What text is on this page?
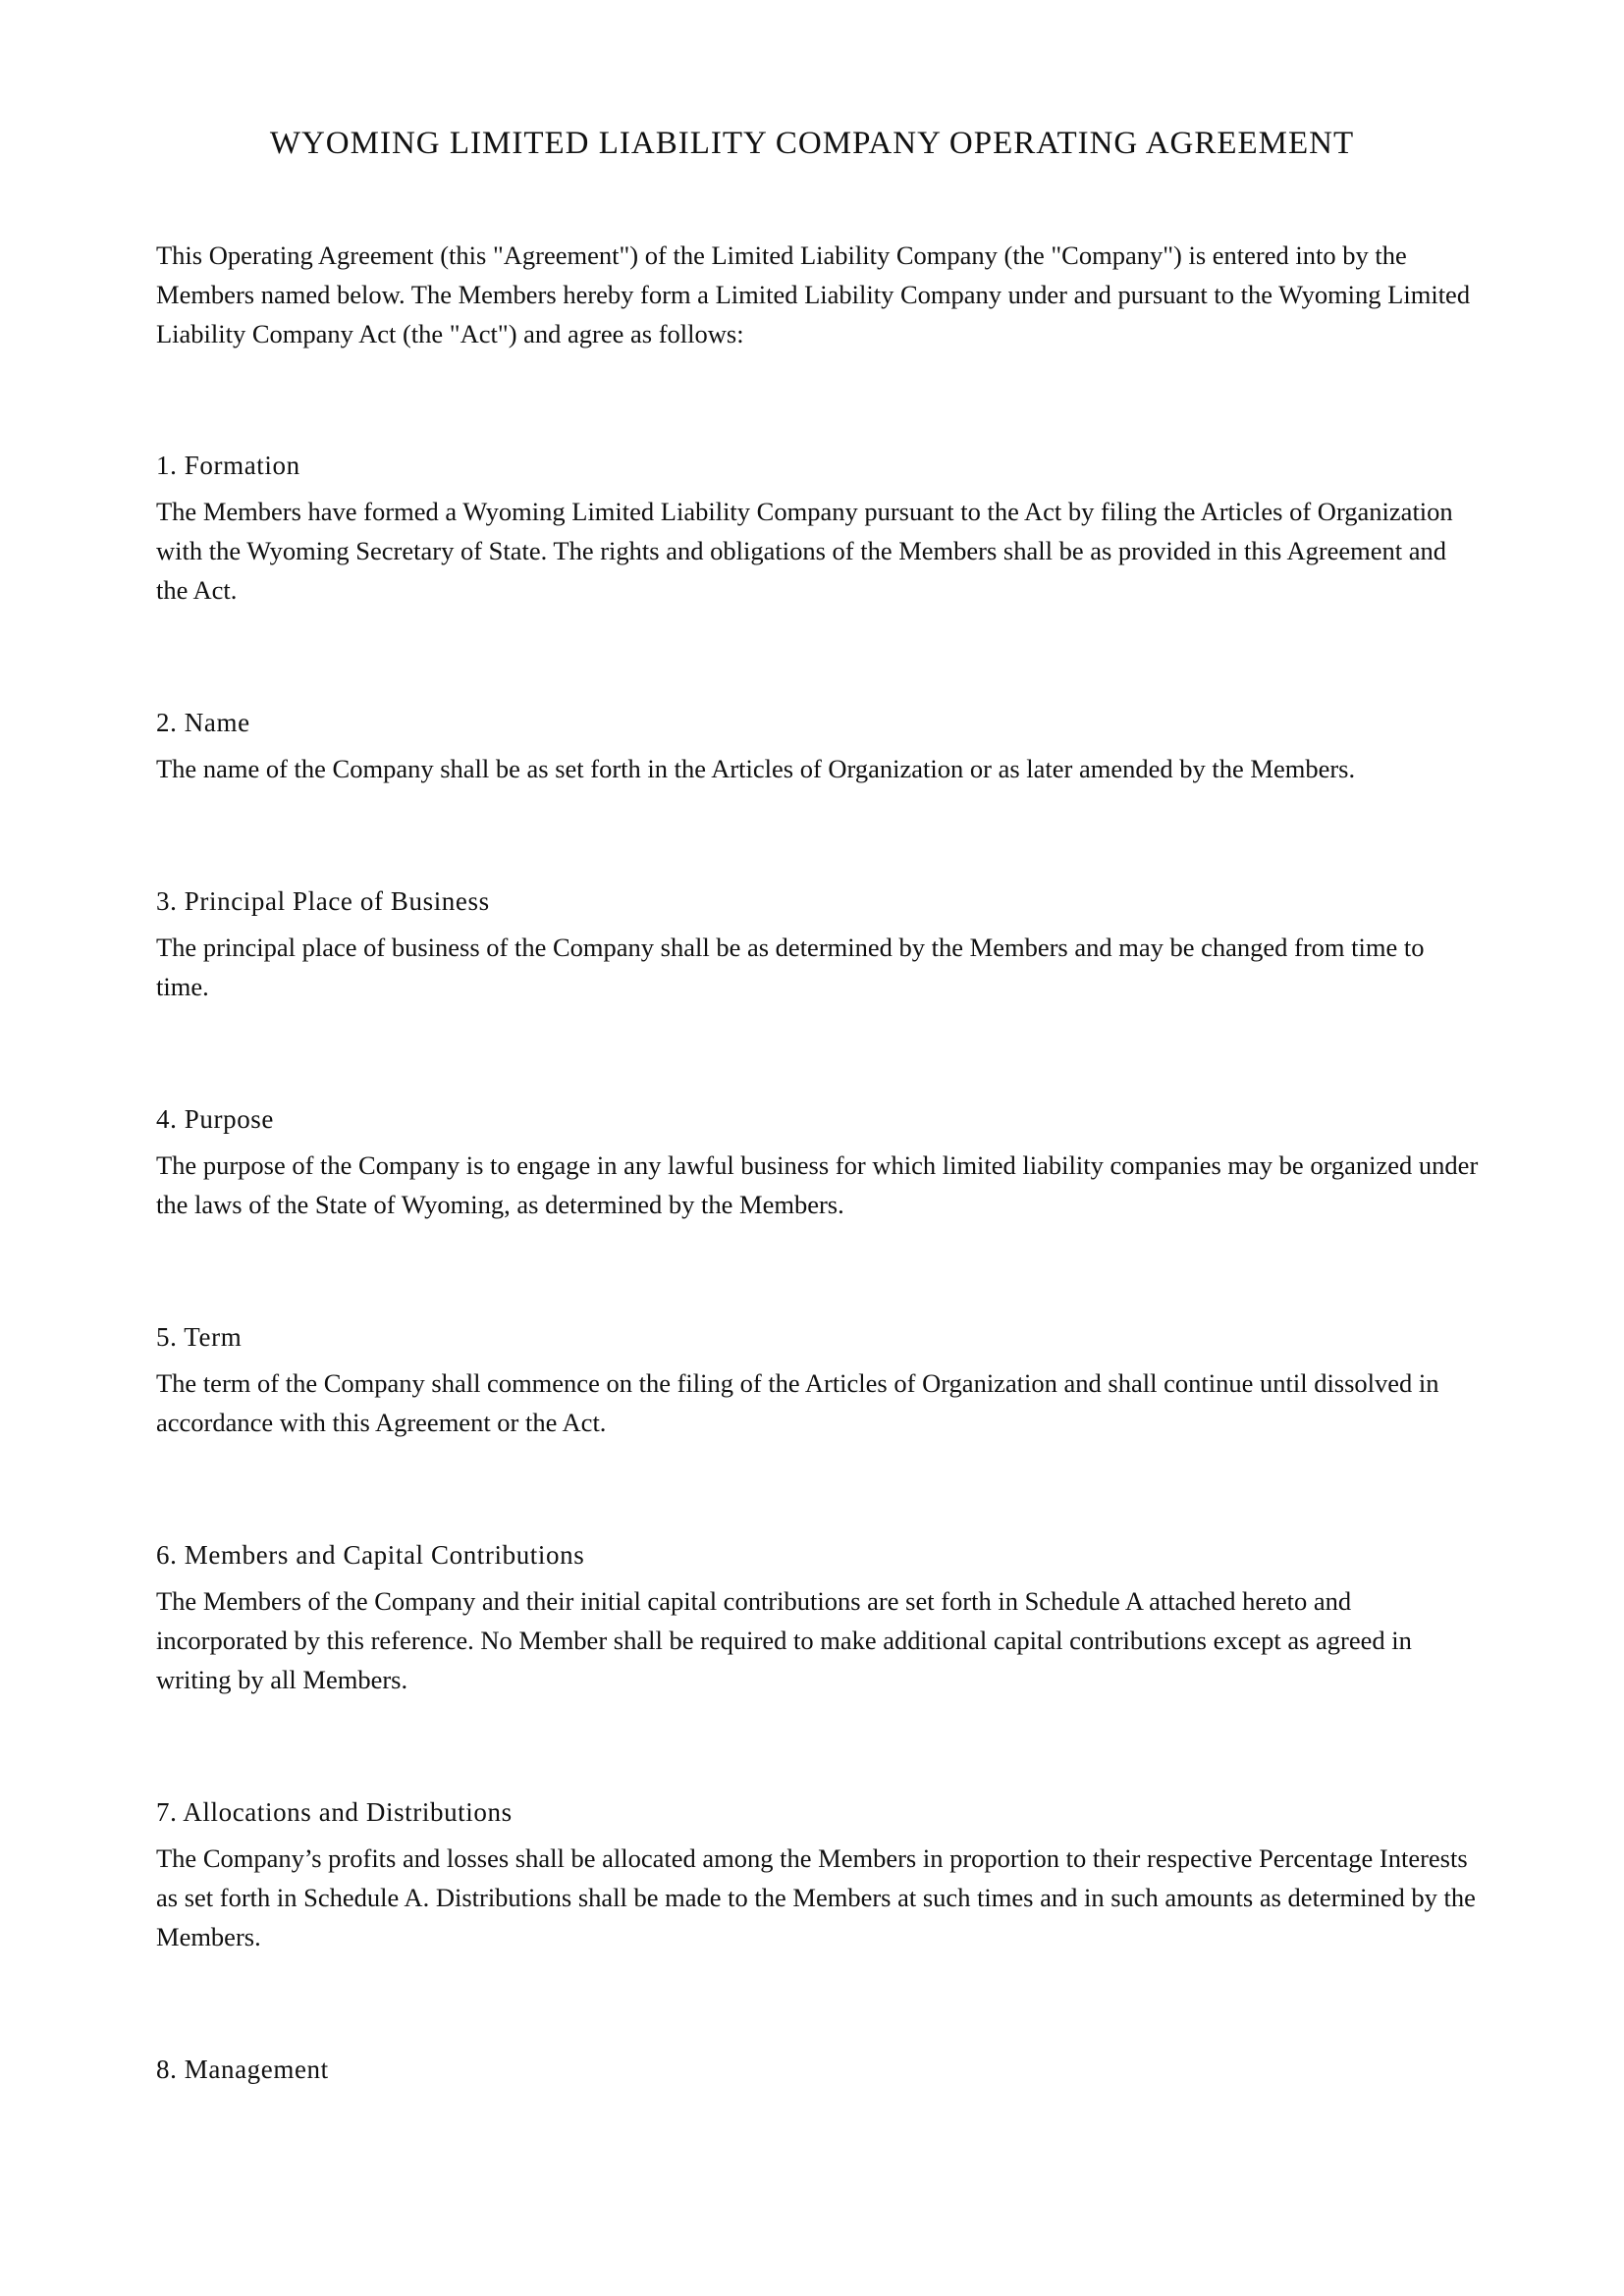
WYOMING LIMITED LIABILITY COMPANY OPERATING AGREEMENT

This Operating Agreement (this "Agreement") of the Limited Liability Company (the "Company") is entered into by the Members named below. The Members hereby form a Limited Liability Company under and pursuant to the Wyoming Limited Liability Company Act (the "Act") and agree as follows:

1. Formation

The Members have formed a Wyoming Limited Liability Company pursuant to the Act by filing the Articles of Organization with the Wyoming Secretary of State. The rights and obligations of the Members shall be as provided in this Agreement and the Act.

2. Name

The name of the Company shall be as set forth in the Articles of Organization or as later amended by the Members.

3. Principal Place of Business

The principal place of business of the Company shall be as determined by the Members and may be changed from time to time.

4. Purpose

The purpose of the Company is to engage in any lawful business for which limited liability companies may be organized under the laws of the State of Wyoming, as determined by the Members.

5. Term

The term of the Company shall commence on the filing of the Articles of Organization and shall continue until dissolved in accordance with this Agreement or the Act.

6. Members and Capital Contributions

The Members of the Company and their initial capital contributions are set forth in Schedule A attached hereto and incorporated by this reference. No Member shall be required to make additional capital contributions except as agreed in writing by all Members.

7. Allocations and Distributions

The Company’s profits and losses shall be allocated among the Members in proportion to their respective Percentage Interests as set forth in Schedule A. Distributions shall be made to the Members at such times and in such amounts as determined by the Members.

8. Management
